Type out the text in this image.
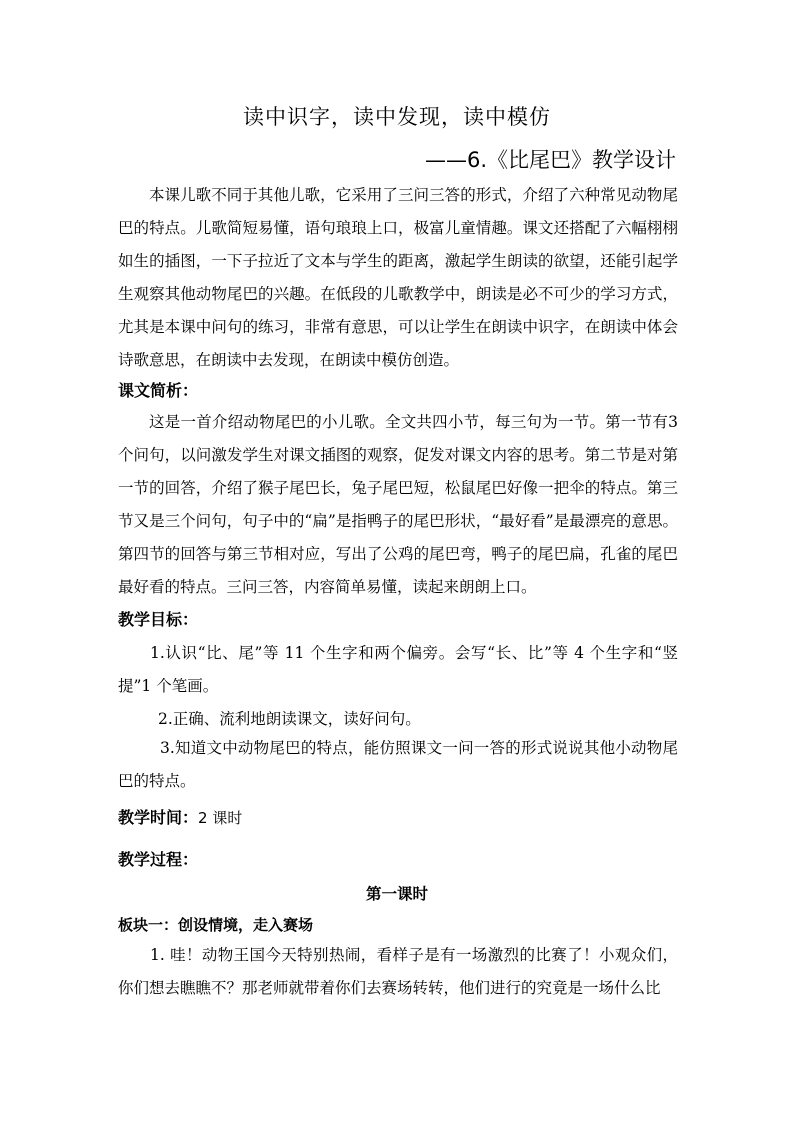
读中识字，读中发现，读中模仿
——6.《比尾巴》教学设计

本课儿歌不同于其他儿歌，它采用了三问三答的形式，介绍了六种常见动物尾巴的特点。儿歌简短易懂，语句琅琅上口，极富儿童情趣。课文还搭配了六幅栩栩如生的插图，一下子拉近了文本与学生的距离，激起学生朗读的欲望，还能引起学生观察其他动物尾巴的兴趣。在低段的儿歌教学中，朗读是必不可少的学习方式，尤其是本课中问句的练习，非常有意思，可以让学生在朗读中识字，在朗读中体会诗歌意思，在朗读中去发现，在朗读中模仿创造。

课文简析：

这是一首介绍动物尾巴的小儿歌。全文共四小节，每三句为一节。第一节有3个问句，以问激发学生对课文插图的观察，促发对课文内容的思考。第二节是对第一节的回答，介绍了猴子尾巴长，兔子尾巴短，松鼠尾巴好像一把伞的特点。第三节又是三个问句，句子中的“扁”是指鸭子的尾巴形状，“最好看”是最漂亮的意思。第四节的回答与第三节相对应，写出了公鸡的尾巴弯，鸭子的尾巴扁，孔雀的尾巴最好看的特点。三问三答，内容简单易懂，读起来朗朗上口。

教学目标：

1.认识“比、尾”等 11 个生字和两个偏旁。会写“长、比”等 4 个生字和“竖提”1 个笔画。

2.正确、流利地朗读课文，读好问句。

3.知道文中动物尾巴的特点，能仿照课文一问一答的形式说说其他小动物尾巴的特点。

教学时间：2 课时
教学过程：
第一课时
板块一：创设情境，走入赛场

1. 哇！动物王国今天特别热闹，看样子是有一场激烈的比赛了！小观众们，你们想去瞧瞧不？那老师就带着你们去赛场转转，他们进行的究竟是一场什么比
